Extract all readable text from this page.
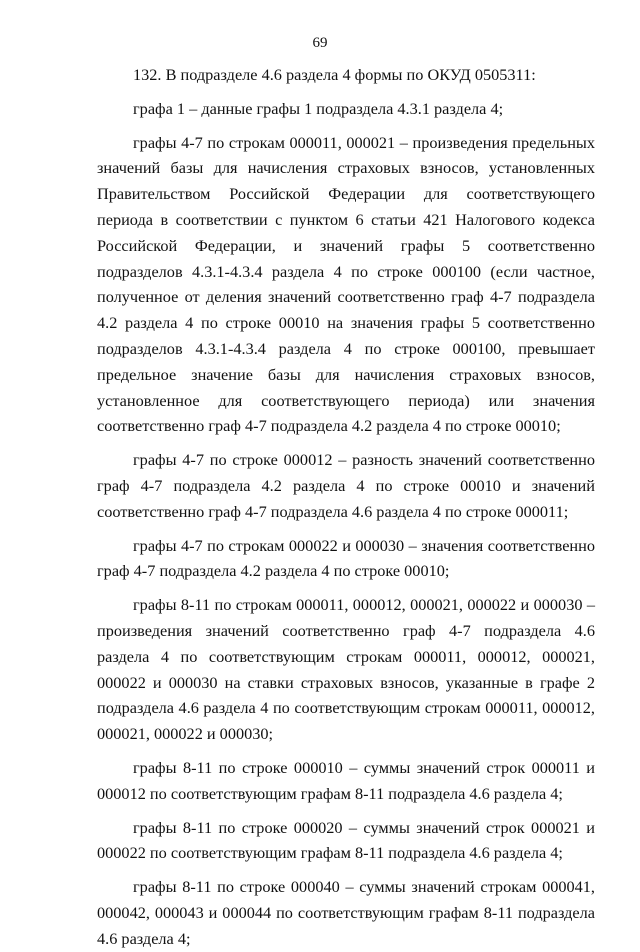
69

132. В подразделе 4.6 раздела 4 формы по ОКУД 0505311:

графа 1 – данные графы 1 подраздела 4.3.1 раздела 4;

графы 4-7 по строкам 000011, 000021 – произведения предельных значений базы для начисления страховых взносов, установленных Правительством Российской Федерации для соответствующего периода в соответствии с пунктом 6 статьи 421 Налогового кодекса Российской Федерации, и значений графы 5 соответственно подразделов 4.3.1-4.3.4 раздела 4 по строке 000100 (если частное, полученное от деления значений соответственно граф 4-7 подраздела 4.2 раздела 4 по строке 00010 на значения графы 5 соответственно подразделов 4.3.1-4.3.4 раздела 4 по строке 000100, превышает предельное значение базы для начисления страховых взносов, установленное для соответствующего периода) или значения соответственно граф 4-7 подраздела 4.2 раздела 4 по строке 00010;

графы 4-7 по строке 000012 – разность значений соответственно граф 4-7 подраздела 4.2 раздела 4 по строке 00010 и значений соответственно граф 4-7 подраздела 4.6 раздела 4 по строке 000011;

графы 4-7 по строкам 000022 и 000030 – значения соответственно граф 4-7 подраздела 4.2 раздела 4 по строке 00010;

графы 8-11 по строкам 000011, 000012, 000021, 000022 и 000030 – произведения значений соответственно граф 4-7 подраздела 4.6 раздела 4 по соответствующим строкам 000011, 000012, 000021, 000022 и 000030 на ставки страховых взносов, указанные в графе 2 подраздела 4.6 раздела 4 по соответствующим строкам 000011, 000012, 000021, 000022 и 000030;

графы 8-11 по строке 000010 – суммы значений строк 000011 и 000012 по соответствующим графам 8-11 подраздела 4.6 раздела 4;

графы 8-11 по строке 000020 – суммы значений строк 000021 и 000022 по соответствующим графам 8-11 подраздела 4.6 раздела 4;

графы 8-11 по строке 000040 – суммы значений строкам 000041, 000042, 000043 и 000044 по соответствующим графам 8-11 подраздела 4.6 раздела 4;
